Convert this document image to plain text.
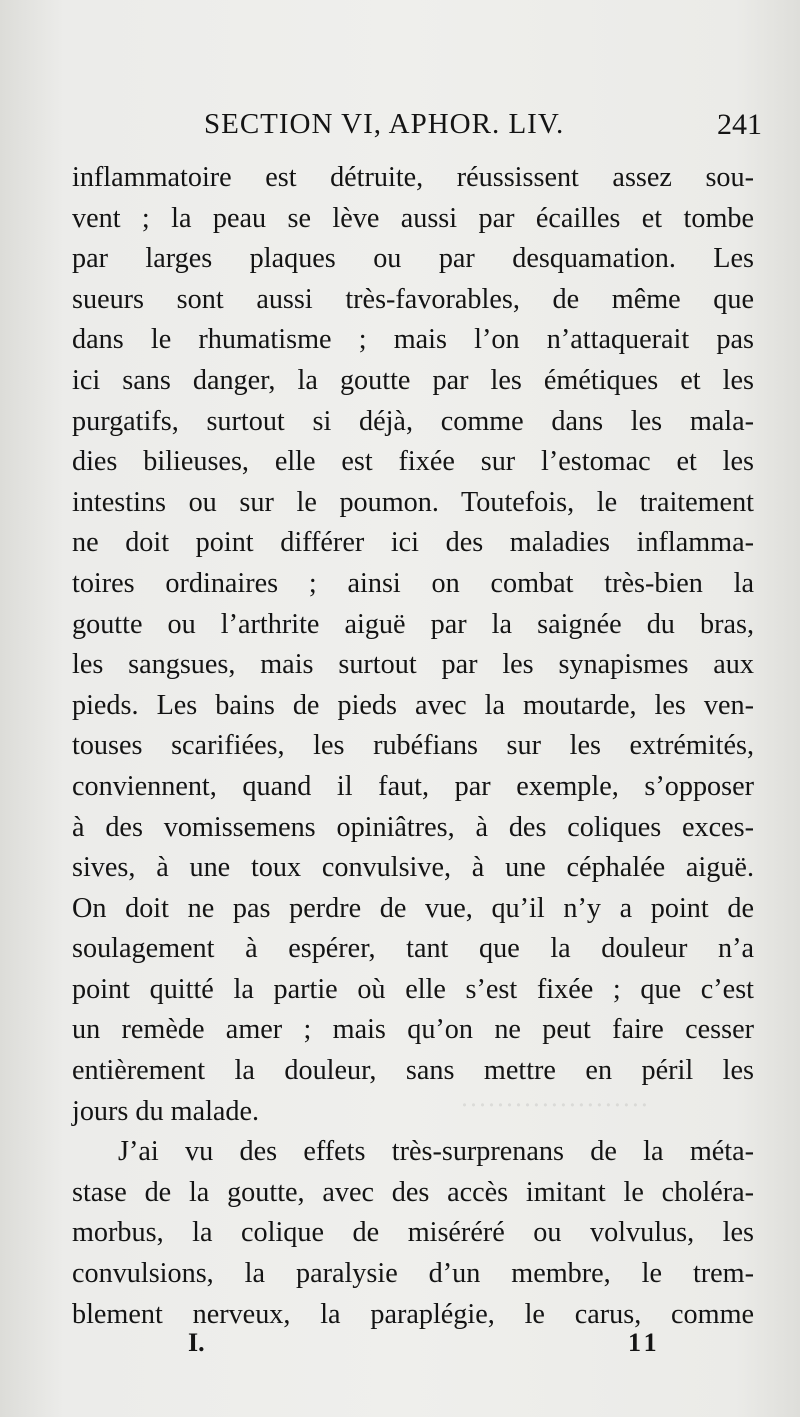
·····················
SECTION VI, APHOR. LIV.	241
inflammatoire est détruite, réussissent assez sou-
vent ; la peau se lève aussi par écailles et tombe
par larges plaques ou par desquamation. Les
sueurs sont aussi très-favorables, de même que
dans le rhumatisme ; mais l’on n’attaquerait pas
ici sans danger, la goutte par les émétiques et les
purgatifs, surtout si déjà, comme dans les mala-
dies bilieuses, elle est fixée sur l’estomac et les
intestins ou sur le poumon. Toutefois, le traitement
ne doit point différer ici des maladies inflamma-
toires ordinaires ; ainsi on combat très-bien la
goutte ou l’arthrite aiguë par la saignée du bras,
les sangsues, mais surtout par les synapismes aux
pieds. Les bains de pieds avec la moutarde, les ven-
touses scarifiées, les rubéfians sur les extrémités,
conviennent, quand il faut, par exemple, s’opposer
à des vomissemens opiniâtres, à des coliques exces-
sives, à une toux convulsive, à une céphalée aiguë.
On doit ne pas perdre de vue, qu’il n’y a point de
soulagement à espérer, tant que la douleur n’a
point quitté la partie où elle s’est fixée ; que c’est
un remède amer ; mais qu’on ne peut faire cesser
entièrement la douleur, sans mettre en péril les
jours du malade.
J’ai vu des effets très-surprenans de la méta-
stase de la goutte, avec des accès imitant le choléra-
morbus, la colique de miséréré ou volvulus, les
convulsions, la paralysie d’un membre, le trem-
blement nerveux, la paraplégie, le carus, comme
I.	11
